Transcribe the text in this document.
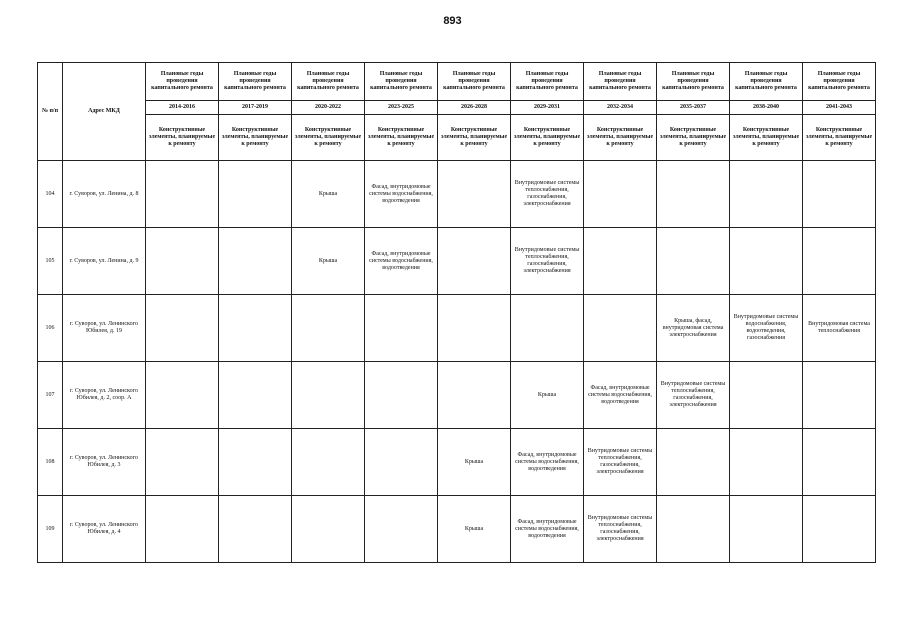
893
№ п/п	Адрес МКД	Плановые годы проведения капитального ремонта	Плановые годы проведения капитального ремонта	Плановые годы проведения капитального ремонта	Плановые годы проведения капитального ремонта	Плановые годы проведения капитального ремонта	Плановые годы проведения капитального ремонта	Плановые годы проведения капитального ремонта	Плановые годы проведения капитального ремонта	Плановые годы проведения капитального ремонта	Плановые годы проведения капитального ремонта
		2014-2016	2017-2019	2020-2022	2023-2025	2026-2028	2029-2031	2032-2034	2035-2037	2038-2040	2041-2043
		Конструктивные элементы, планируемые к ремонту	Конструктивные элементы, планируемые к ремонту	Конструктивные элементы, планируемые к ремонту	Конструктивные элементы, планируемые к ремонту	Конструктивные элементы, планируемые к ремонту	Конструктивные элементы, планируемые к ремонту	Конструктивные элементы, планируемые к ремонту	Конструктивные элементы, планируемые к ремонту	Конструктивные элементы, планируемые к ремонту	Конструктивные элементы, планируемые к ремонту
104	г. Суворов, ул. Ленина, д. 8			Крыша	Фасад, внутридомовые системы водоснабжения, водоотведения		Внутридомовые системы теплоснабжения, газоснабжения, электроснабжения				
105	г. Суворов, ул. Ленина, д. 9			Крыша	Фасад, внутридомовые системы водоснабжения, водоотведения		Внутридомовые системы теплоснабжения, газоснабжения, электроснабжения				
106	г. Суворов, ул. Ленинского Юбилея, д. 19								Крыша, фасад, внутридомовая система электроснабжения	Внутридомовые системы водоснабжения, водоотведения, газоснабжения	Внутридомовая система теплоснабжения
107	г. Суворов, ул. Ленинского Юбилея, д. 2, соор. А						Крыша	Фасад, внутридомовые системы водоснабжения, водоотведения	Внутридомовые системы теплоснабжения, газоснабжения, электроснабжения		
108	г. Суворов, ул. Ленинского Юбилея, д. 3					Крыша	Фасад, внутридомовые системы водоснабжения, водоотведения	Внутридомовые системы теплоснабжения, газоснабжения, электроснабжения			
109	г. Суворов, ул. Ленинского Юбилея, д. 4					Крыша	Фасад, внутридомовые системы водоснабжения, водоотведения	Внутридомовые системы теплоснабжения, газоснабжения, электроснабжения			
